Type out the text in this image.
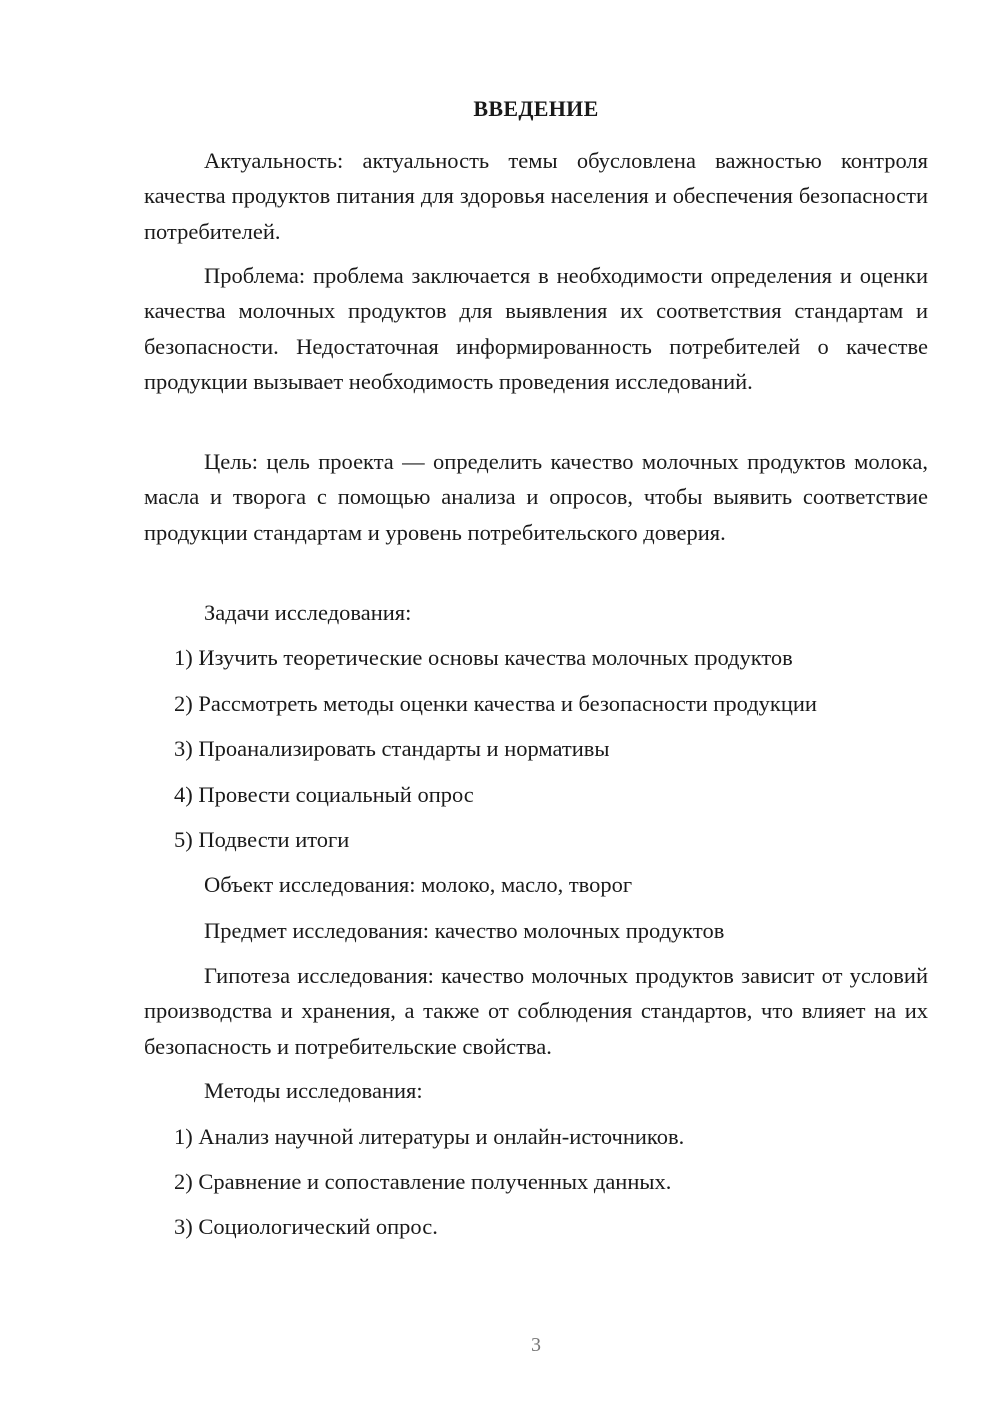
ВВЕДЕНИЕ

Актуальность: актуальность темы обусловлена важностью контроля качества продуктов питания для здоровья населения и обеспечения безопасности потребителей.

Проблема: проблема заключается в необходимости определения и оценки качества молочных продуктов для выявления их соответствия стандартам и безопасности. Недостаточная информированность потребителей о качестве продукции вызывает необходимость проведения исследований.

Цель: цель проекта — определить качество молочных продуктов молока, масла и творога с помощью анализа и опросов, чтобы выявить соответствие продукции стандартам и уровень потребительского доверия.

Задачи исследования:
1) Изучить теоретические основы качества молочных продуктов
2) Рассмотреть методы оценки качества и безопасности продукции
3) Проанализировать стандарты и нормативы
4) Провести социальный опрос
5) Подвести итоги
Объект исследования: молоко, масло, творог
Предмет исследования: качество молочных продуктов

Гипотеза исследования: качество молочных продуктов зависит от условий производства и хранения, а также от соблюдения стандартов, что влияет на их безопасность и потребительские свойства.

Методы исследования:
1) Анализ научной литературы и онлайн-источников.
2) Сравнение и сопоставление полученных данных.
3) Социологический опрос.
3
